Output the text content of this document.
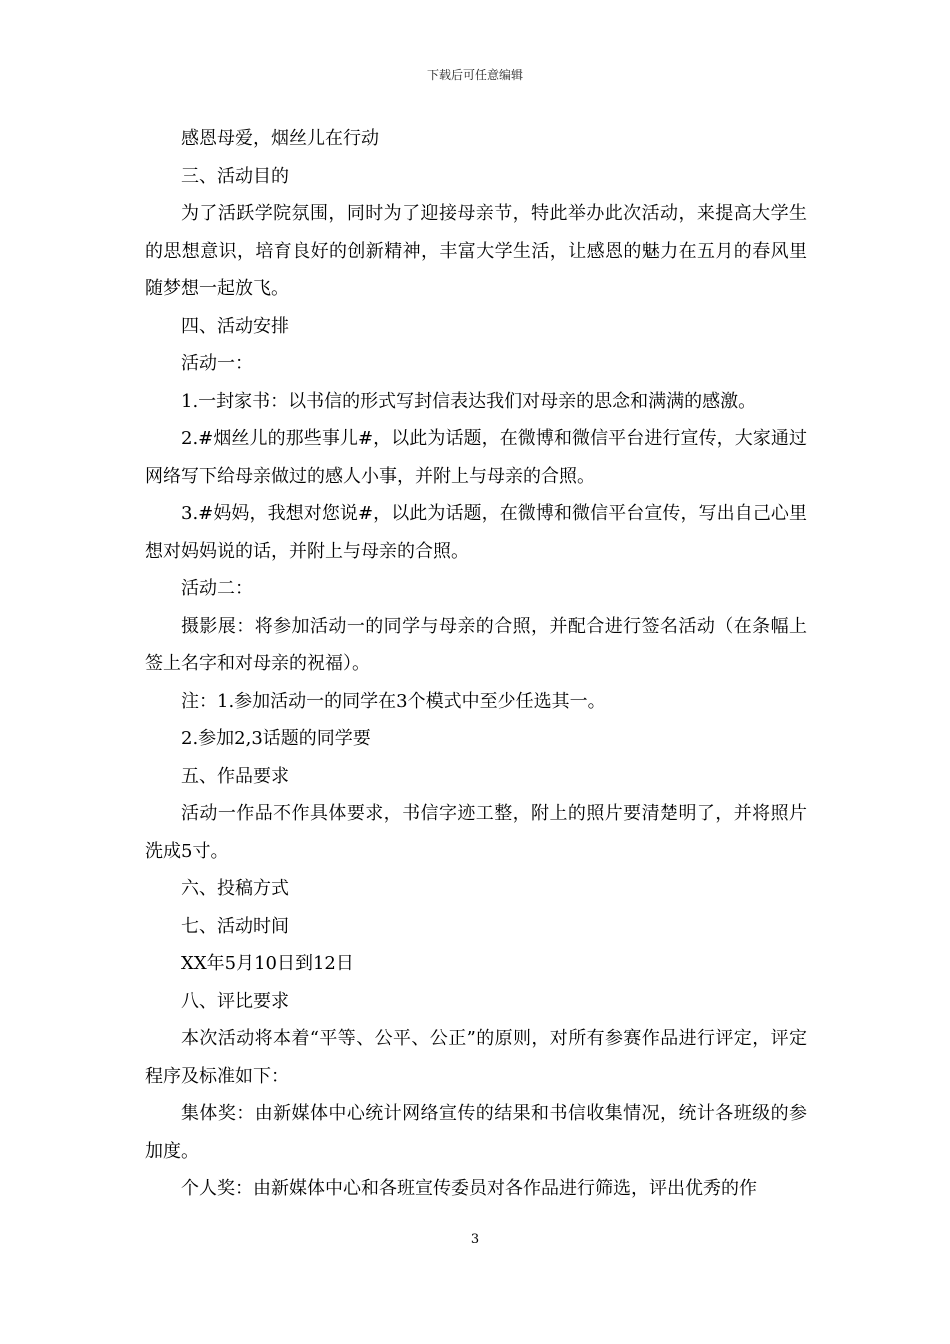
下载后可任意编辑

感恩母爱，烟丝儿在行动

三、活动目的

为了活跃学院氛围，同时为了迎接母亲节，特此举办此次活动，来提高大学生的思想意识，培育良好的创新精神，丰富大学生活，让感恩的魅力在五月的春风里随梦想一起放飞。

四、活动安排

活动一：

1.一封家书：以书信的形式写封信表达我们对母亲的思念和满满的感激。

2.#烟丝儿的那些事儿#，以此为话题，在微博和微信平台进行宣传，大家通过网络写下给母亲做过的感人小事，并附上与母亲的合照。

3.#妈妈，我想对您说#，以此为话题，在微博和微信平台宣传，写出自己心里想对妈妈说的话，并附上与母亲的合照。

活动二：

摄影展：将参加活动一的同学与母亲的合照，并配合进行签名活动（在条幅上签上名字和对母亲的祝福）。

注：1.参加活动一的同学在3个模式中至少任选其一。

2.参加2,3话题的同学要

五、作品要求

活动一作品不作具体要求，书信字迹工整，附上的照片要清楚明了，并将照片洗成5寸。

六、投稿方式

七、活动时间

XX年5月10日到12日

八、评比要求

本次活动将本着“平等、公平、公正”的原则，对所有参赛作品进行评定，评定程序及标准如下：

集体奖：由新媒体中心统计网络宣传的结果和书信收集情况，统计各班级的参加度。

个人奖：由新媒体中心和各班宣传委员对各作品进行筛选，评出优秀的作

3
